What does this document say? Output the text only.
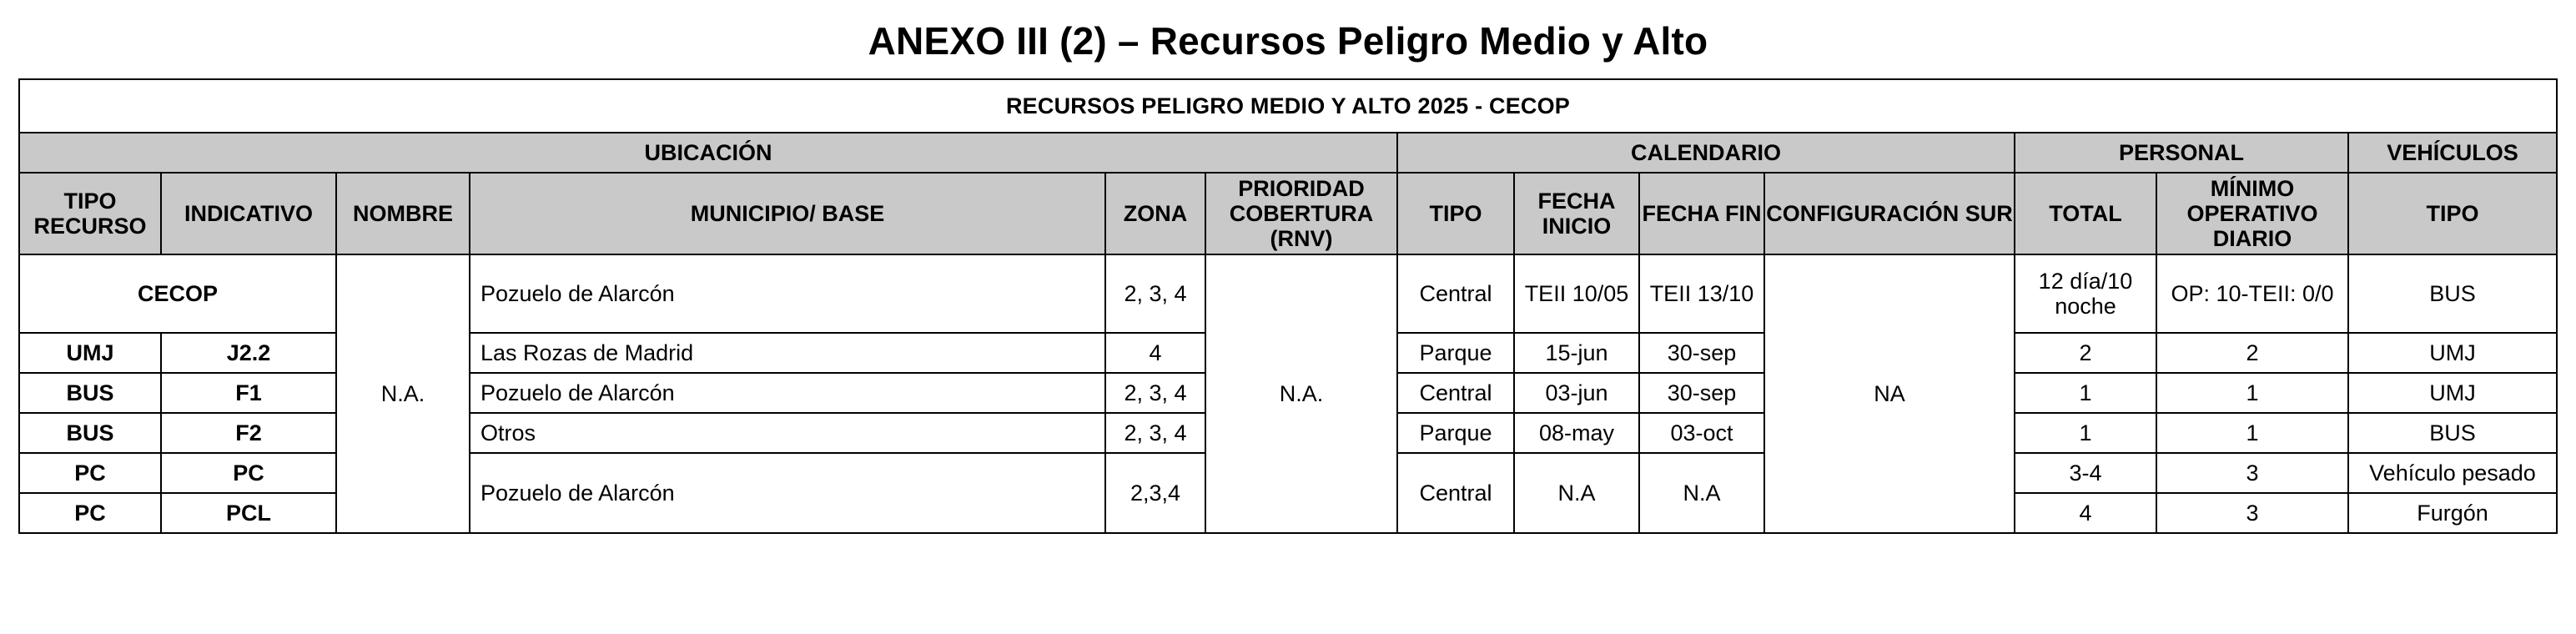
ANEXO III (2) – Recursos Peligro Medio y Alto
RECURSOS PELIGRO MEDIO Y ALTO 2025 - CECOP												
UBICACIÓN						CALENDARIO				PERSONAL		VEHÍCULOS
TIPO RECURSO	INDICATIVO	NOMBRE	MUNICIPIO/ BASE	ZONA	PRIORIDAD COBERTURA (RNV)	TIPO	FECHA INICIO	FECHA FIN	CONFIGURACIÓN SUR	TOTAL	MÍNIMO OPERATIVO DIARIO	TIPO
CECOP		N.A.	Pozuelo de Alarcón	2, 3, 4	N.A.	Central	TEII 10/05	TEII 13/10	NA	12 día/10 noche	OP: 10-TEII: 0/0	BUS
UMJ	J2.2		Las Rozas de Madrid	4		Parque	15-jun	30-sep		2	2	UMJ
BUS	F1		Pozuelo de Alarcón	2, 3, 4		Central	03-jun	30-sep		1	1	UMJ
BUS	F2		Otros	2, 3, 4		Parque	08-may	03-oct		1	1	BUS
PC	PC		Pozuelo de Alarcón	2,3,4		Central	N.A	N.A		3-4	3	Vehículo pesado
PC	PCL									4	3	Furgón
